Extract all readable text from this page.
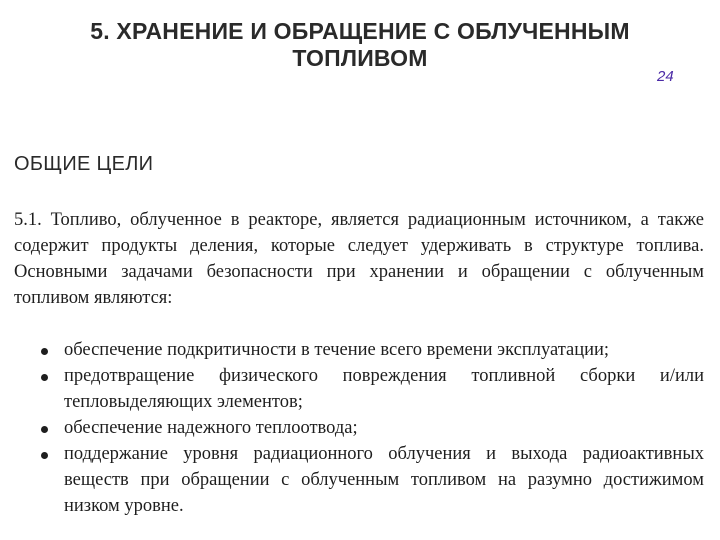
5. ХРАНЕНИЕ И ОБРАЩЕНИЕ С ОБЛУЧЕННЫМ ТОПЛИВОМ
24
ОБЩИЕ ЦЕЛИ
5.1. Топливо, облученное в реакторе, является радиационным источником, а также содержит продукты деления, которые следует удерживать в структуре топлива. Основными задачами безопасности при хранении и обращении с облученным топливом являются:
обеспечение подкритичности в течение всего времени эксплуатации;
предотвращение физического повреждения топливной сборки и/или тепловыделяющих элементов;
обеспечение надежного теплоотвода;
поддержание уровня радиационного облучения и выхода радиоактивных веществ при обращении с облученным топливом на разумно достижимом низком уровне.
